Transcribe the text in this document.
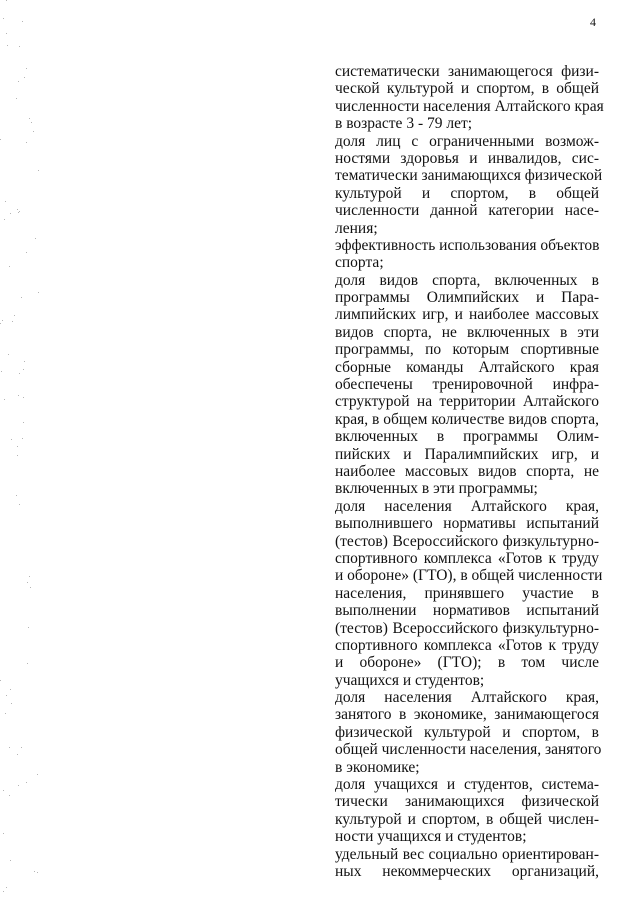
4
систематически занимающегося физи-
ческой культурой и спортом, в общей
численности населения Алтайского края
в возрасте 3 - 79 лет;
доля лиц с ограниченными возмож-
ностями здоровья и инвалидов, сис-
тематически занимающихся физической
культурой и спортом, в общей
численности данной категории насе-
ления;
эффективность использования объектов
спорта;
доля видов спорта, включенных в
программы Олимпийских и Пара-
лимпийских игр, и наиболее массовых
видов спорта, не включенных в эти
программы, по которым спортивные
сборные команды Алтайского края
обеспечены тренировочной инфра-
структурой на территории Алтайского
края, в общем количестве видов спорта,
включенных в программы Олим-
пийских и Паралимпийских игр, и
наиболее массовых видов спорта, не
включенных в эти программы;
доля населения Алтайского края,
выполнившего нормативы испытаний
(тестов) Всероссийского физкультурно-
спортивного комплекса «Готов к труду
и обороне» (ГТО), в общей численности
населения, принявшего участие в
выполнении нормативов испытаний
(тестов) Всероссийского физкультурно-
спортивного комплекса «Готов к труду
и обороне» (ГТО); в том числе
учащихся и студентов;
доля населения Алтайского края,
занятого в экономике, занимающегося
физической культурой и спортом, в
общей численности населения, занятого
в экономике;
доля учащихся и студентов, система-
тически занимающихся физической
культурой и спортом, в общей числен-
ности учащихся и студентов;
удельный вес социально ориентирован-
ных некоммерческих организаций,
